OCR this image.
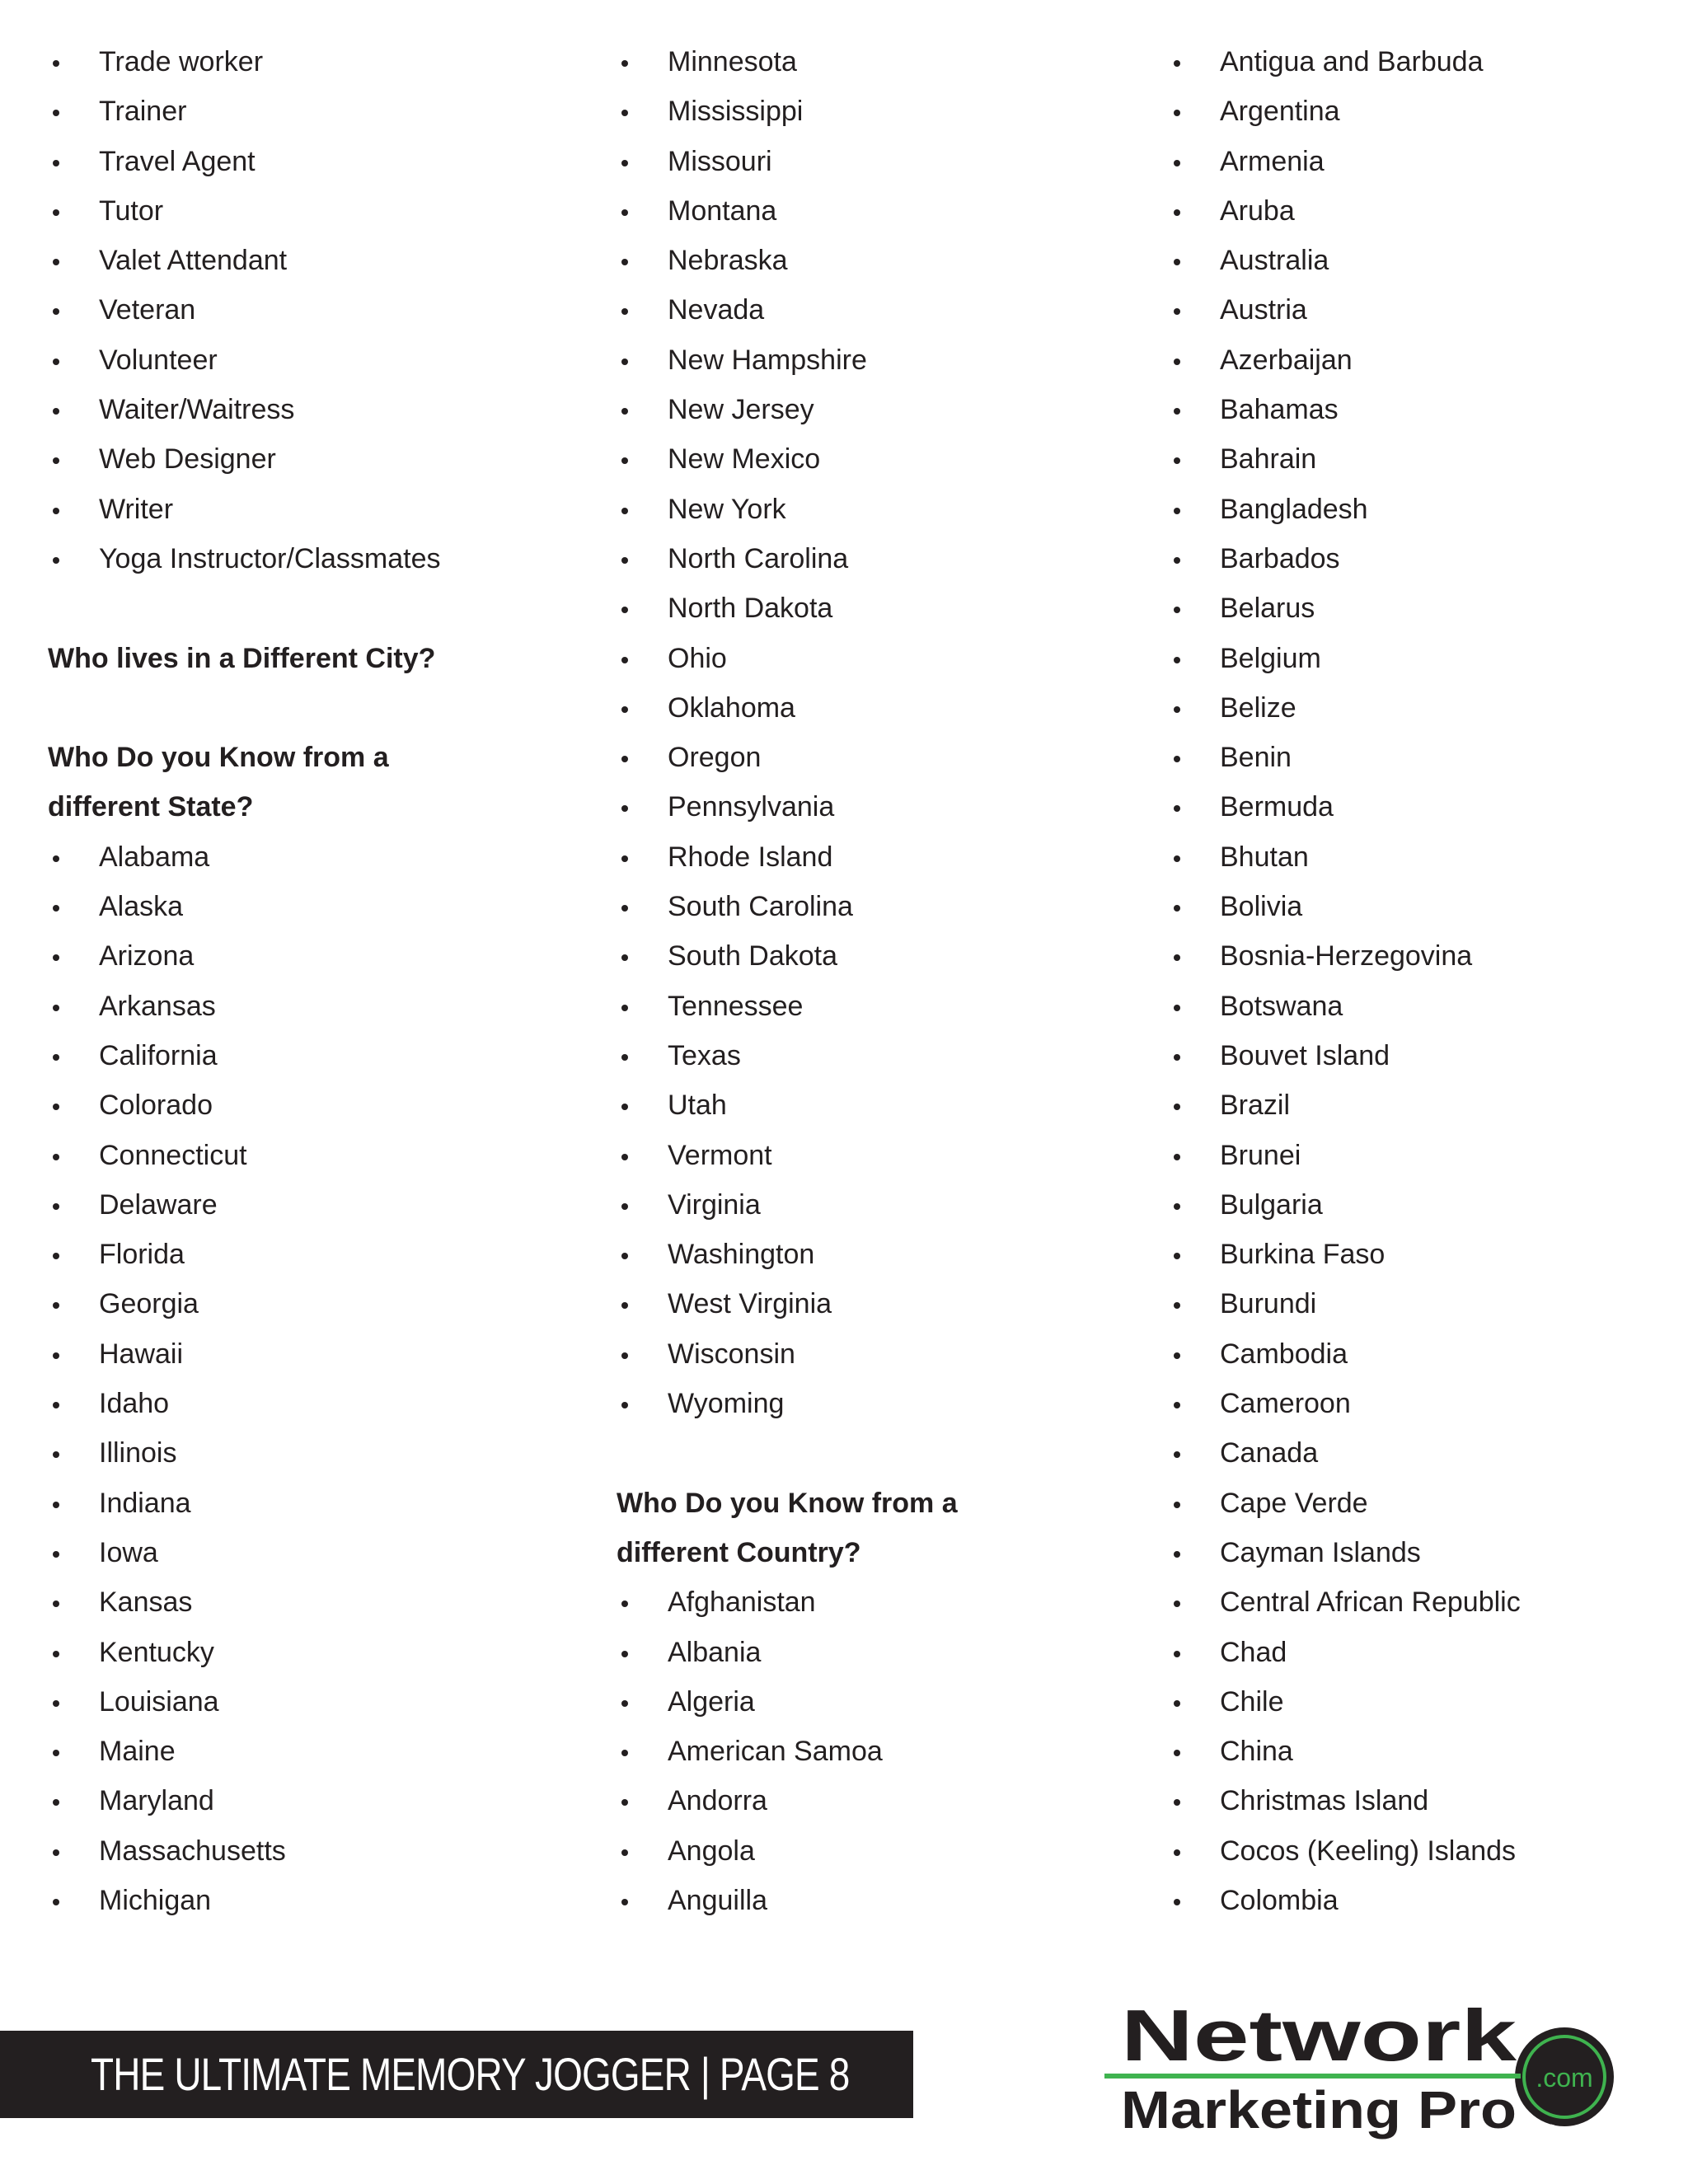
Trade worker
Trainer
Travel Agent
Tutor
Valet Attendant
Veteran
Volunteer
Waiter/Waitress
Web Designer
Writer
Yoga Instructor/Classmates
Who lives in a Different City?
Who Do you Know from a
different State?
Alabama
Alaska
Arizona
Arkansas
California
Colorado
Connecticut
Delaware
Florida
Georgia
Hawaii
Idaho
Illinois
Indiana
Iowa
Kansas
Kentucky
Louisiana
Maine
Maryland
Massachusetts
Michigan
Minnesota
Mississippi
Missouri
Montana
Nebraska
Nevada
New Hampshire
New Jersey
New Mexico
New York
North Carolina
North Dakota
Ohio
Oklahoma
Oregon
Pennsylvania
Rhode Island
South Carolina
South Dakota
Tennessee
Texas
Utah
Vermont
Virginia
Washington
West Virginia
Wisconsin
Wyoming
Who Do you Know from a
different Country?
Afghanistan
Albania
Algeria
American Samoa
Andorra
Angola
Anguilla
Antigua and Barbuda
Argentina
Armenia
Aruba
Australia
Austria
Azerbaijan
Bahamas
Bahrain
Bangladesh
Barbados
Belarus
Belgium
Belize
Benin
Bermuda
Bhutan
Bolivia
Bosnia-Herzegovina
Botswana
Bouvet Island
Brazil
Brunei
Bulgaria
Burkina Faso
Burundi
Cambodia
Cameroon
Canada
Cape Verde
Cayman Islands
Central African Republic
Chad
Chile
China
Christmas Island
Cocos (Keeling) Islands
Colombia
THE ULTIMATE MEMORY JOGGER | PAGE 8	.com
Network
Marketing Pro
